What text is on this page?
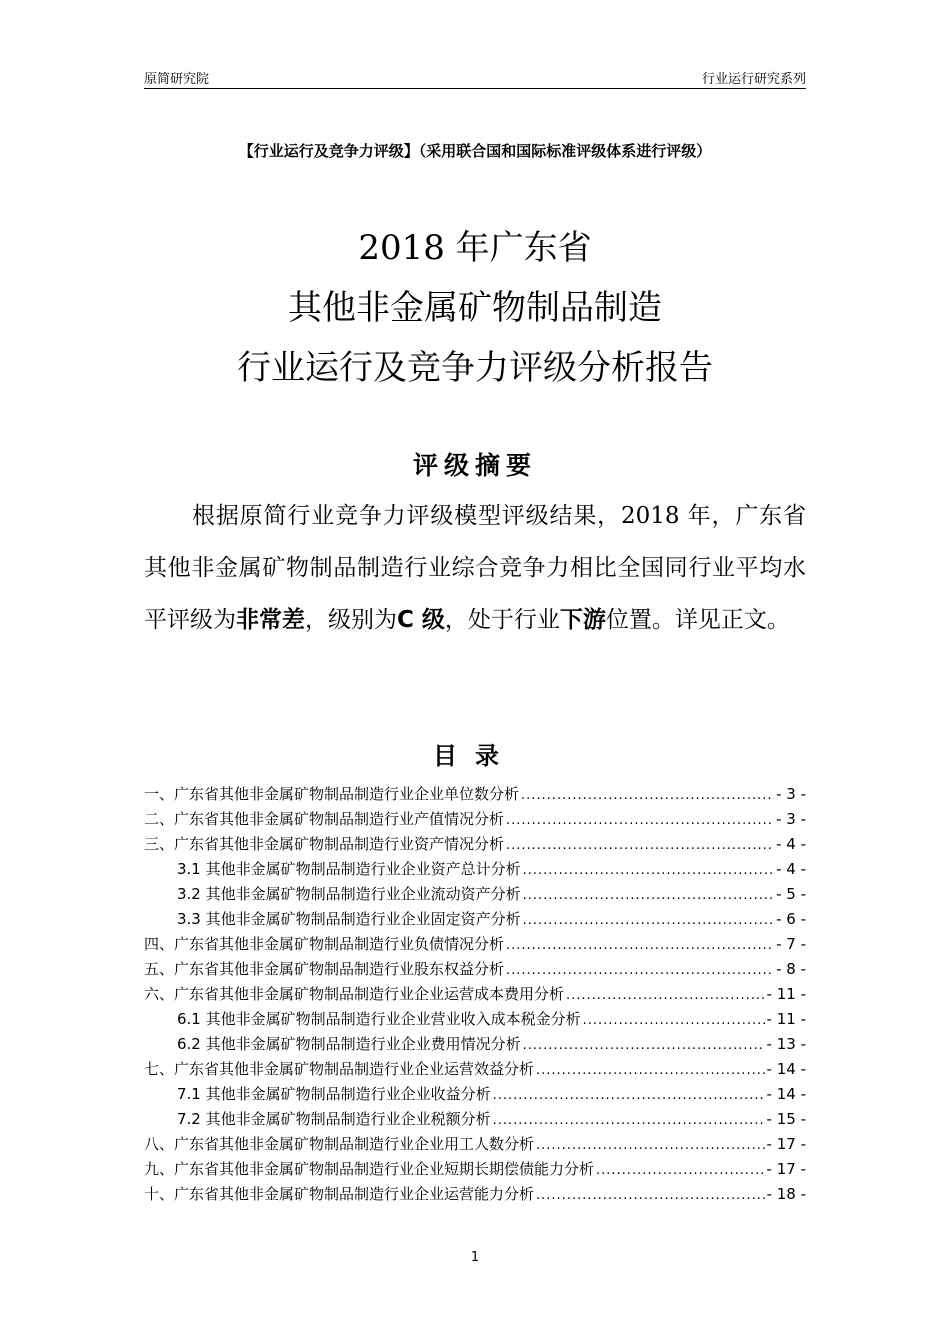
原简研究院	行业运行研究系列
【行业运行及竞争力评级】（采用联合国和国际标准评级体系进行评级）
2018 年广东省
其他非金属矿物制品制造
行业运行及竞争力评级分析报告
评级摘要
根据原简行业竞争力评级模型评级结果，2018 年，广东省其他非金属矿物制品制造行业综合竞争力相比全国同行业平均水平评级为非常差，级别为C 级，处于行业下游位置。详见正文。
目录
一、广东省其他非金属矿物制品制造行业企业单位数分析 .....	- 3 -
二、广东省其他非金属矿物制品制造行业产值情况分析 .....	- 3 -
三、广东省其他非金属矿物制品制造行业资产情况分析 .....	- 4 -
3.1 其他非金属矿物制品制造行业企业资产总计分析 .....	- 4 -
3.2 其他非金属矿物制品制造行业企业流动资产分析 .....	- 5 -
3.3 其他非金属矿物制品制造行业企业固定资产分析 .....	- 6 -
四、广东省其他非金属矿物制品制造行业负债情况分析 .....	- 7 -
五、广东省其他非金属矿物制品制造行业股东权益分析 .....	- 8 -
六、广东省其他非金属矿物制品制造行业企业运营成本费用分析 .....	- 11 -
6.1 其他非金属矿物制品制造行业企业营业收入成本税金分析 .....	- 11 -
6.2 其他非金属矿物制品制造行业企业费用情况分析 .....	- 13 -
七、广东省其他非金属矿物制品制造行业企业运营效益分析 .....	- 14 -
7.1 其他非金属矿物制品制造行业企业收益分析 .....	- 14 -
7.2 其他非金属矿物制品制造行业企业税额分析 .....	- 15 -
八、广东省其他非金属矿物制品制造行业企业用工人数分析 .....	- 17 -
九、广东省其他非金属矿物制品制造行业企业短期长期偿债能力分析 .....	- 17 -
十、广东省其他非金属矿物制品制造行业企业运营能力分析 .....	- 18 -
1
